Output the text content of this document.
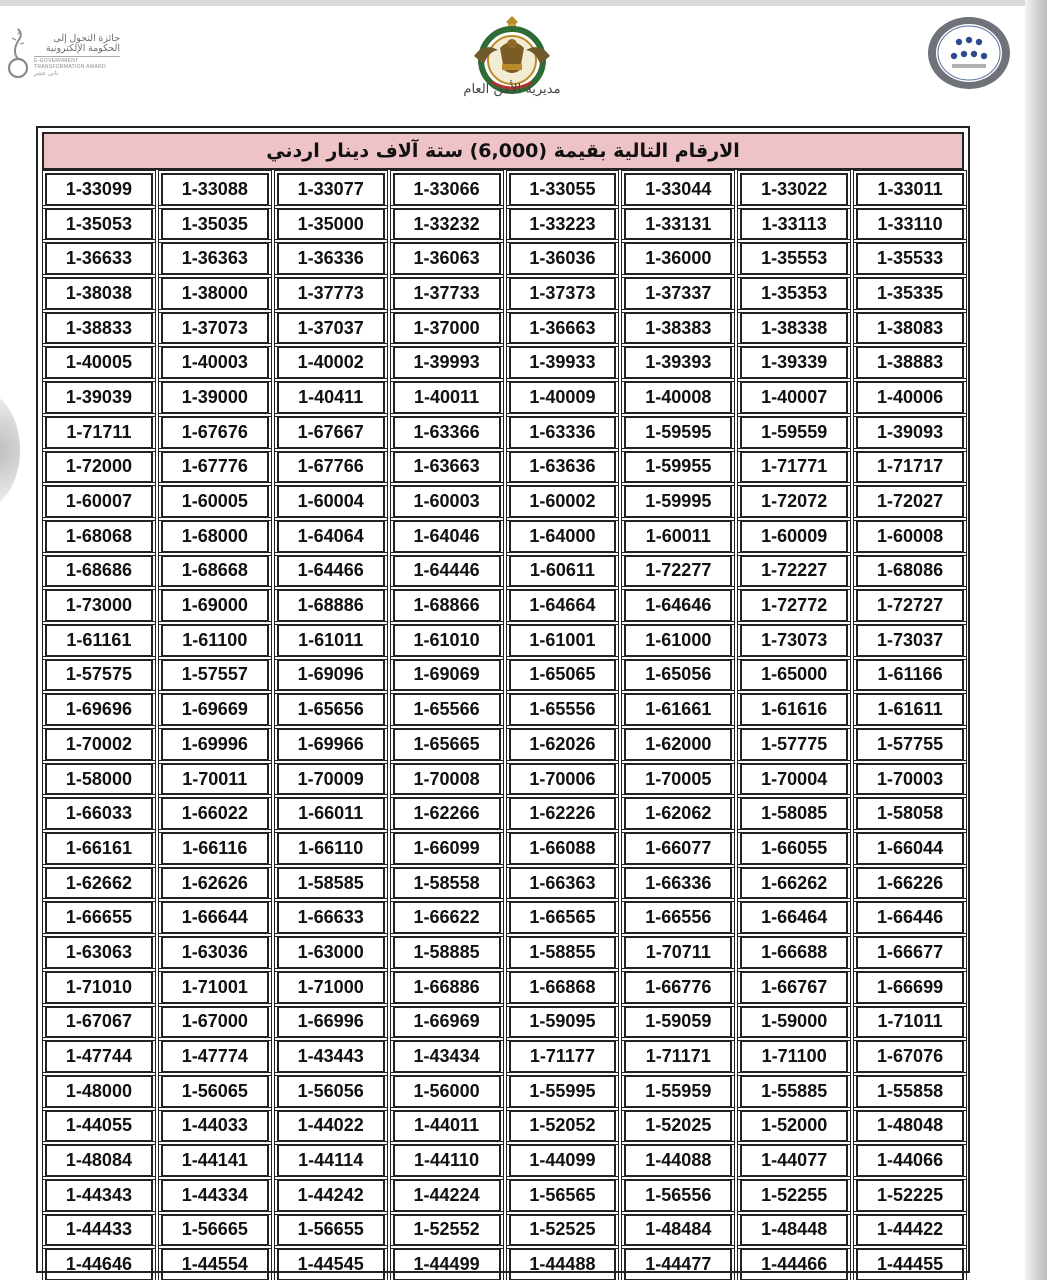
جائزة التحول إلى
الحكومة الإلكترونية
E-GOVERNMENT
TRANSFORMATION AWARD
ثاني عشر
مديرية الأمن العام
الارقام التالية بقيمة (6,000) ستة آلاف دينار اردني
1-33099	1-33088	1-33077	1-33066	1-33055	1-33044	1-33022	1-33011
1-35053	1-35035	1-35000	1-33232	1-33223	1-33131	1-33113	1-33110
1-36633	1-36363	1-36336	1-36063	1-36036	1-36000	1-35553	1-35533
1-38038	1-38000	1-37773	1-37733	1-37373	1-37337	1-35353	1-35335
1-38833	1-37073	1-37037	1-37000	1-36663	1-38383	1-38338	1-38083
1-40005	1-40003	1-40002	1-39993	1-39933	1-39393	1-39339	1-38883
1-39039	1-39000	1-40411	1-40011	1-40009	1-40008	1-40007	1-40006
1-71711	1-67676	1-67667	1-63366	1-63336	1-59595	1-59559	1-39093
1-72000	1-67776	1-67766	1-63663	1-63636	1-59955	1-71771	1-71717
1-60007	1-60005	1-60004	1-60003	1-60002	1-59995	1-72072	1-72027
1-68068	1-68000	1-64064	1-64046	1-64000	1-60011	1-60009	1-60008
1-68686	1-68668	1-64466	1-64446	1-60611	1-72277	1-72227	1-68086
1-73000	1-69000	1-68886	1-68866	1-64664	1-64646	1-72772	1-72727
1-61161	1-61100	1-61011	1-61010	1-61001	1-61000	1-73073	1-73037
1-57575	1-57557	1-69096	1-69069	1-65065	1-65056	1-65000	1-61166
1-69696	1-69669	1-65656	1-65566	1-65556	1-61661	1-61616	1-61611
1-70002	1-69996	1-69966	1-65665	1-62026	1-62000	1-57775	1-57755
1-58000	1-70011	1-70009	1-70008	1-70006	1-70005	1-70004	1-70003
1-66033	1-66022	1-66011	1-62266	1-62226	1-62062	1-58085	1-58058
1-66161	1-66116	1-66110	1-66099	1-66088	1-66077	1-66055	1-66044
1-62662	1-62626	1-58585	1-58558	1-66363	1-66336	1-66262	1-66226
1-66655	1-66644	1-66633	1-66622	1-66565	1-66556	1-66464	1-66446
1-63063	1-63036	1-63000	1-58885	1-58855	1-70711	1-66688	1-66677
1-71010	1-71001	1-71000	1-66886	1-66868	1-66776	1-66767	1-66699
1-67067	1-67000	1-66996	1-66969	1-59095	1-59059	1-59000	1-71011
1-47744	1-47774	1-43443	1-43434	1-71177	1-71171	1-71100	1-67076
1-48000	1-56065	1-56056	1-56000	1-55995	1-55959	1-55885	1-55858
1-44055	1-44033	1-44022	1-44011	1-52052	1-52025	1-52000	1-48048
1-48084	1-44141	1-44114	1-44110	1-44099	1-44088	1-44077	1-44066
1-44343	1-44334	1-44242	1-44224	1-56565	1-56556	1-52255	1-52225
1-44433	1-56665	1-56655	1-52552	1-52525	1-48484	1-48448	1-44422
1-44646	1-44554	1-44545	1-44499	1-44488	1-44477	1-44466	1-44455
